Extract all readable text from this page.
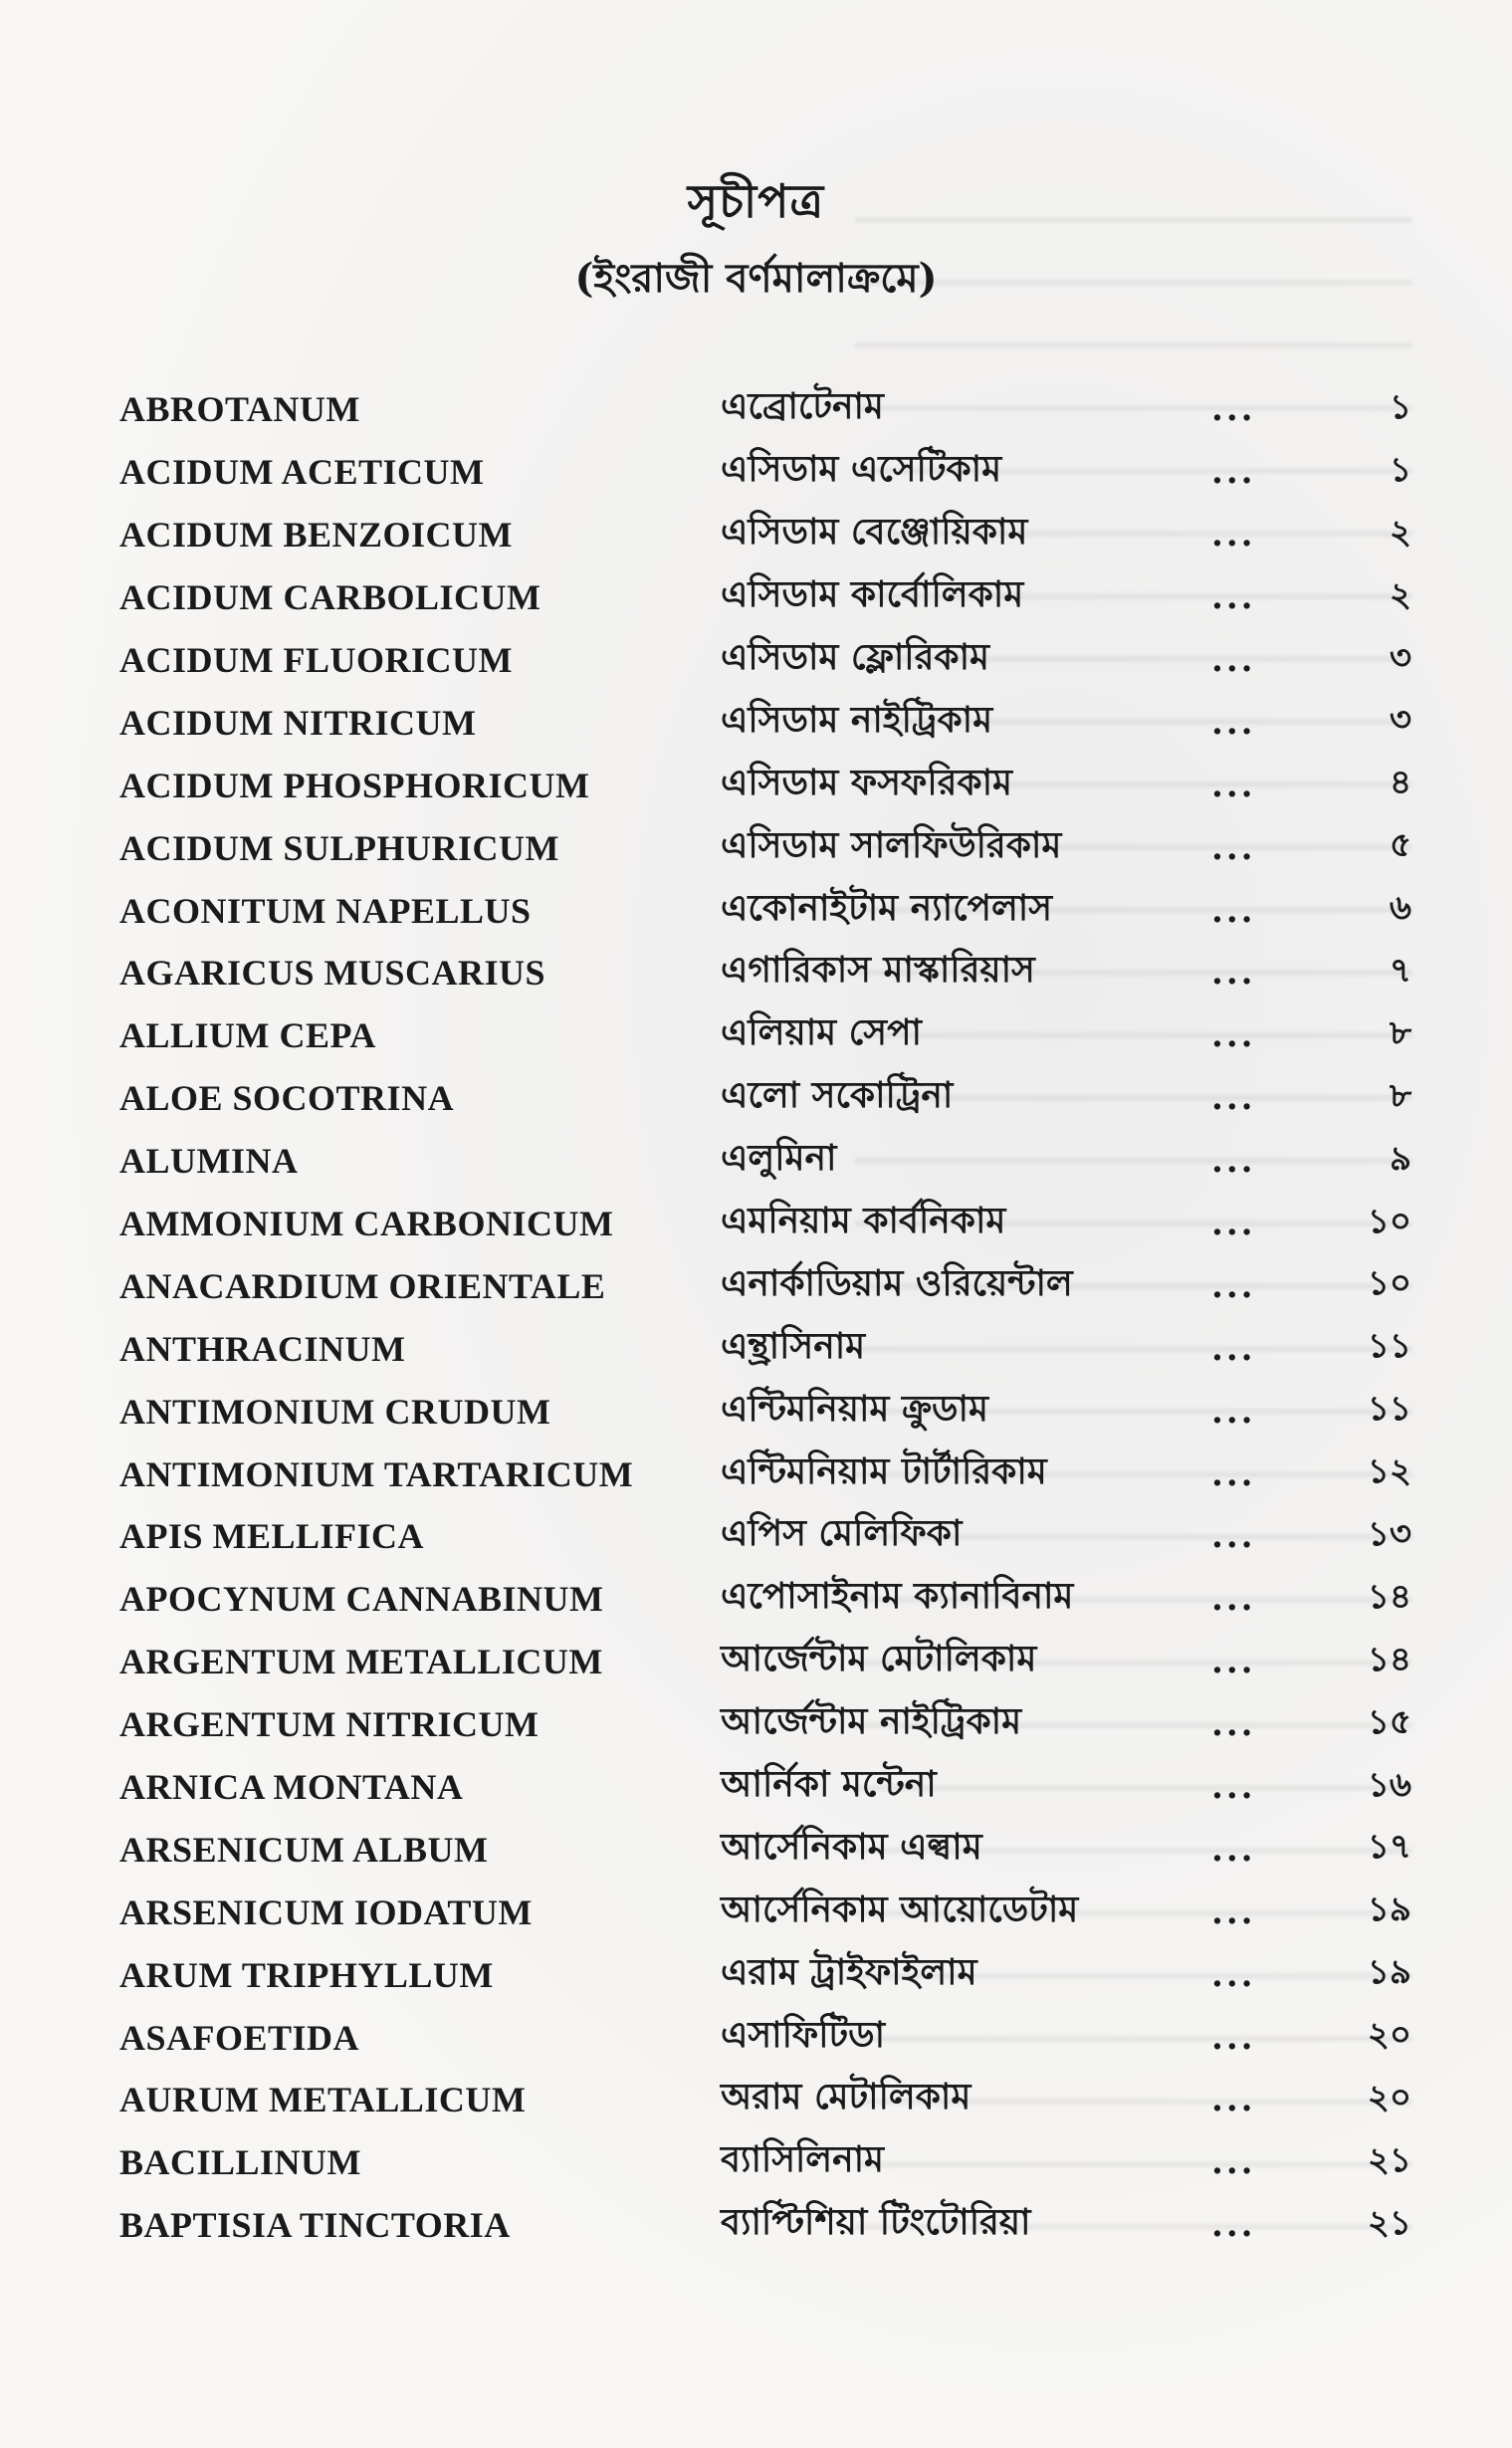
সূচীপত্র
(ইংরাজী বর্ণমালাক্রমে)
ABROTANUM	এব্রোটেনাম	...	১
ACIDUM ACETICUM	এসিডাম এসেটিকাম	...	১
ACIDUM BENZOICUM	এসিডাম বেঞ্জোয়িকাম	...	২
ACIDUM CARBOLICUM	এসিডাম কার্বোলিকাম	...	২
ACIDUM FLUORICUM	এসিডাম ফ্লোরিকাম	...	৩
ACIDUM NITRICUM	এসিডাম নাইট্রিকাম	...	৩
ACIDUM PHOSPHORICUM	এসিডাম ফসফরিকাম	...	৪
ACIDUM SULPHURICUM	এসিডাম সালফিউরিকাম	...	৫
ACONITUM NAPELLUS	একোনাইটাম ন্যাপেলাস	...	৬
AGARICUS MUSCARIUS	এগারিকাস মাস্কারিয়াস	...	৭
ALLIUM CEPA	এলিয়াম সেপা	...	৮
ALOE SOCOTRINA	এলো সকোট্রিনা	...	৮
ALUMINA	এলুমিনা	...	৯
AMMONIUM CARBONICUM	এমনিয়াম কার্বনিকাম	...	১০
ANACARDIUM ORIENTALE	এনার্কাডিয়াম ওরিয়েন্টাল	...	১০
ANTHRACINUM	এন্থ্রাসিনাম	...	১১
ANTIMONIUM CRUDUM	এন্টিমনিয়াম ক্রুডাম	...	১১
ANTIMONIUM TARTARICUM এন্টিমনিয়াম টার্টারিকাম	...	১২
APIS MELLIFICA	এপিস মেলিফিকা	...	১৩
APOCYNUM CANNABINUM	এপোসাইনাম ক্যানাবিনাম	...	১৪
ARGENTUM METALLICUM	আর্জেন্টাম মেটালিকাম	...	১৪
ARGENTUM NITRICUM	আর্জেন্টাম নাইট্রিকাম	...	১৫
ARNICA MONTANA	আর্নিকা মন্টেনা	...	১৬
ARSENICUM ALBUM	আর্সেনিকাম এল্বাম	...	১৭
ARSENICUM IODATUM	আর্সেনিকাম আয়োডেটাম	...	১৯
ARUM TRIPHYLLUM	এরাম ট্রাইফাইলাম	...	১৯
ASAFOETIDA	এসাফিটিডা	...	২০
AURUM METALLICUM	অরাম মেটালিকাম	...	২০
BACILLINUM	ব্যাসিলিনাম	...	২১
BAPTISIA TINCTORIA	ব্যাপ্টিশিয়া টিংটোরিয়া	...	২১
